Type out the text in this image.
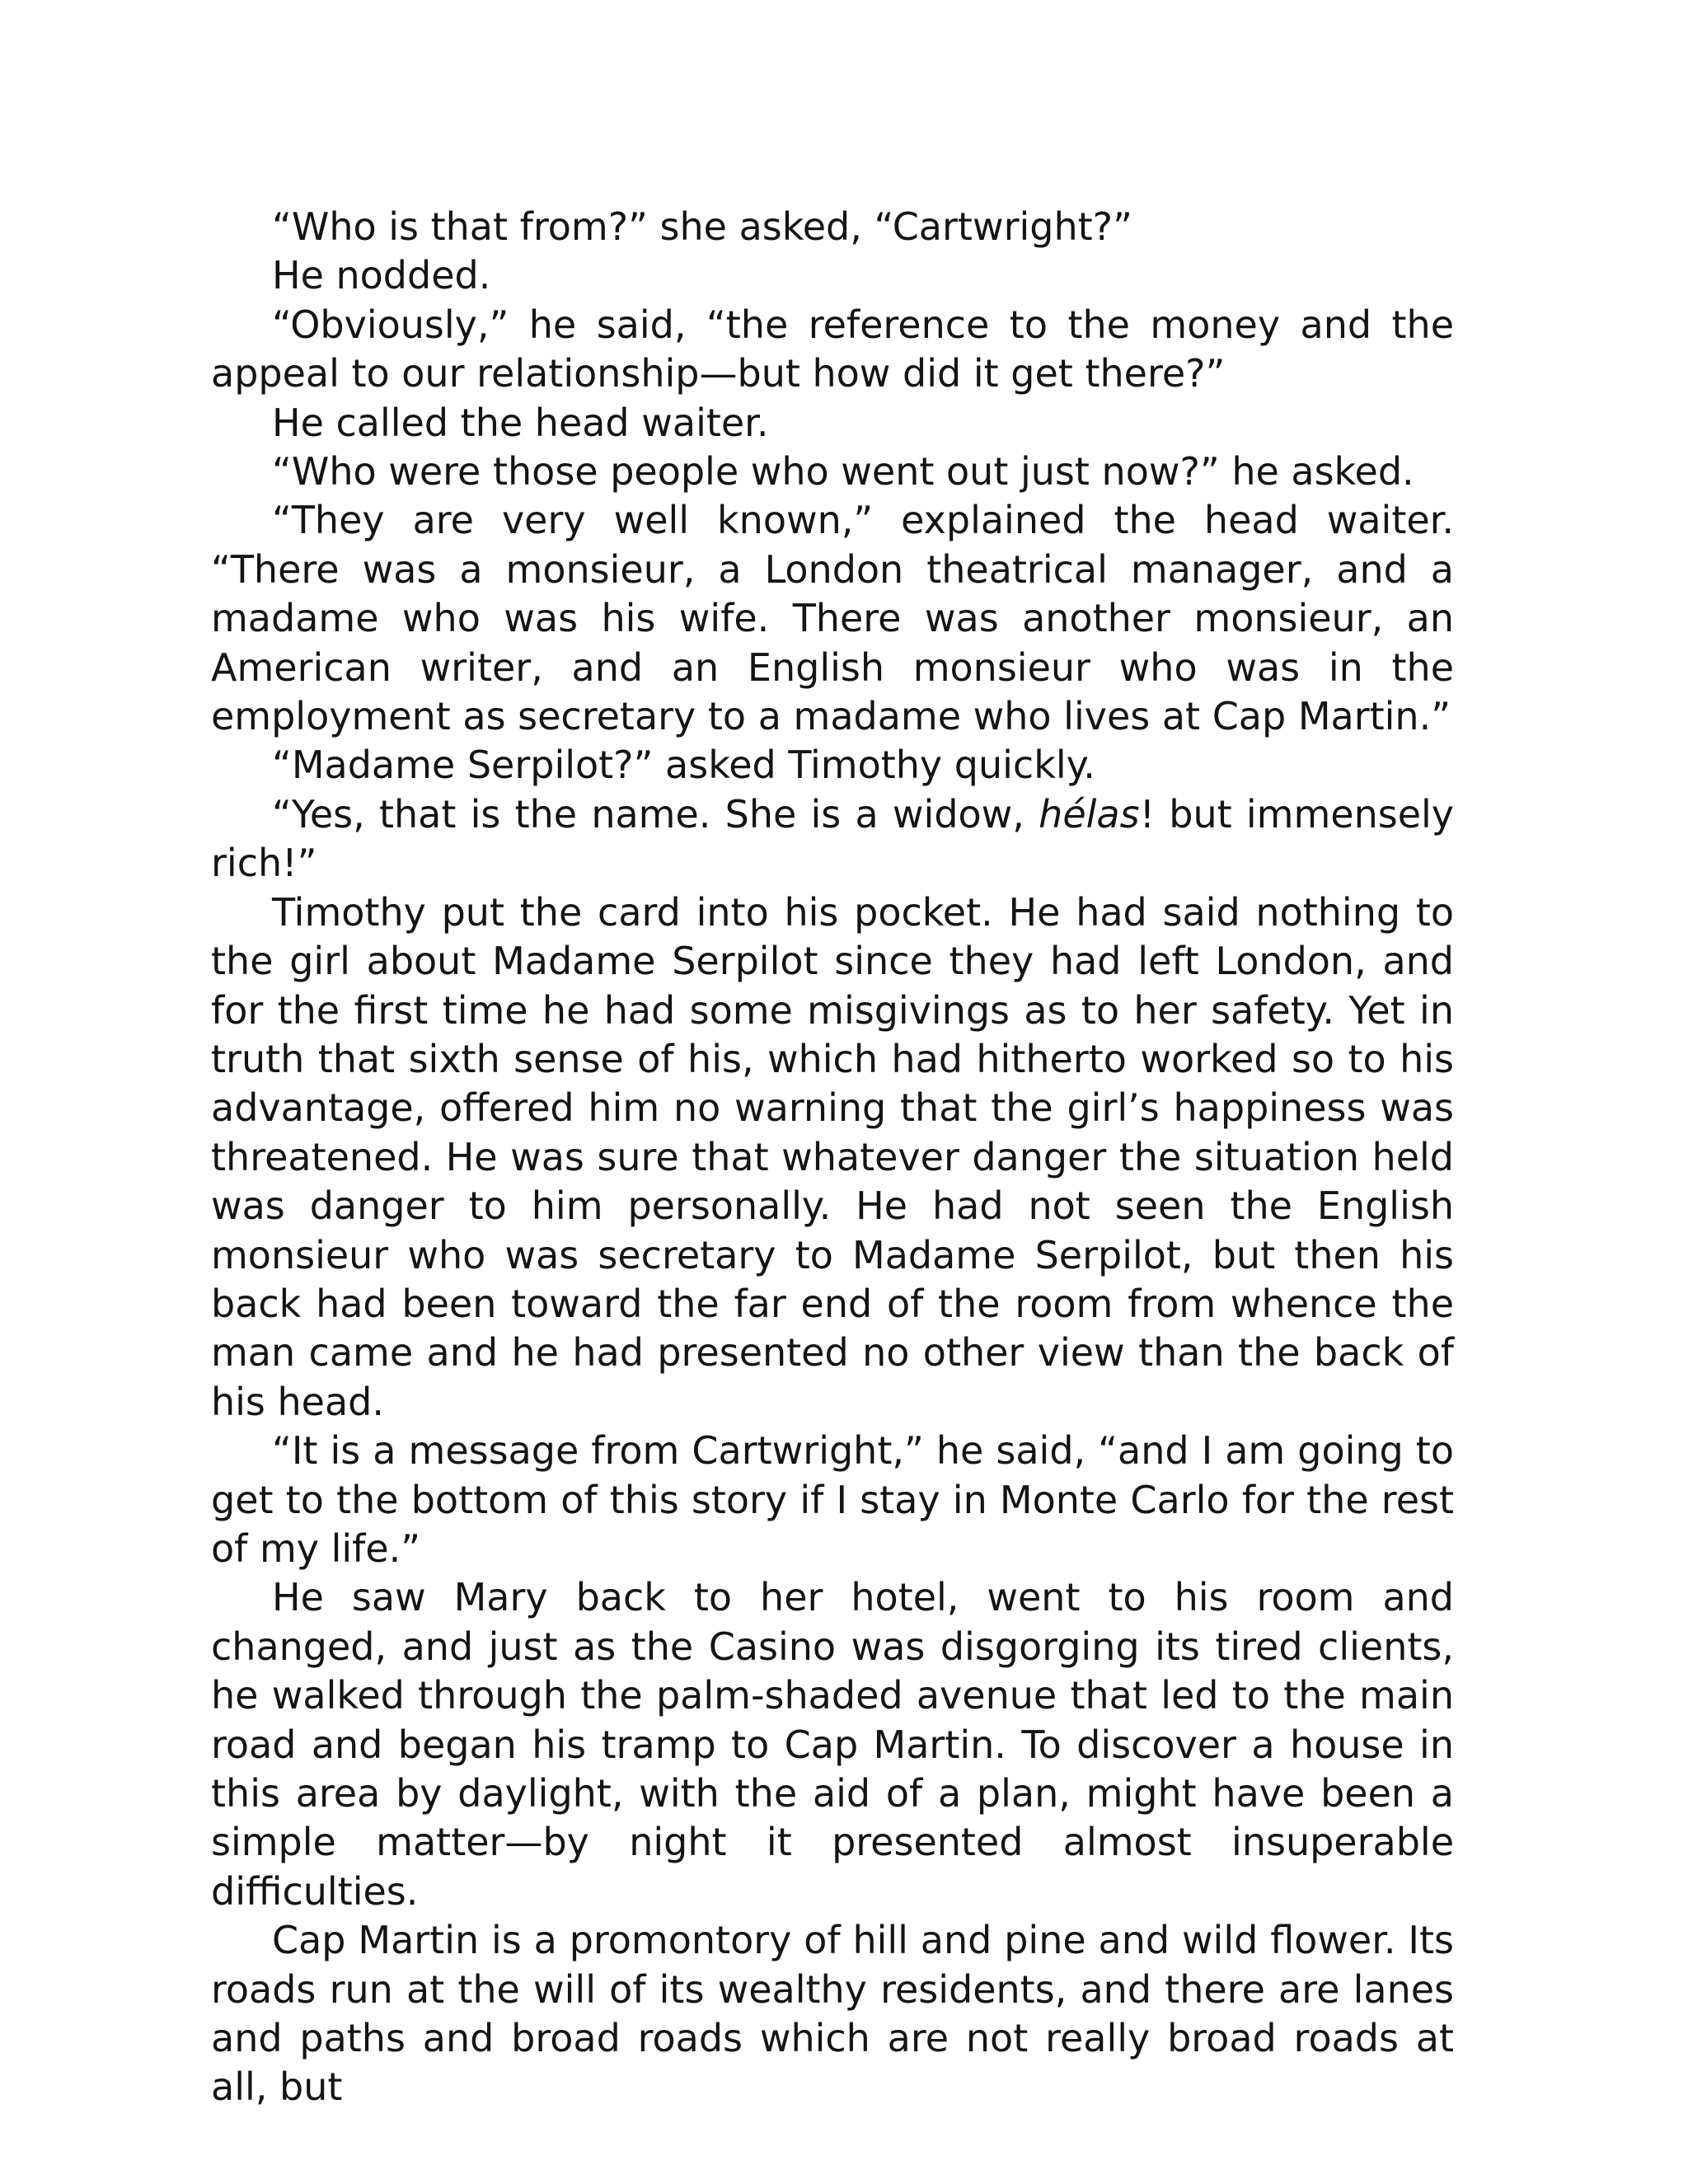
“Who is that from?” she asked, “Cartwright?”

He nodded.

“Obviously,” he said, “the reference to the money and the appeal to our relationship—but how did it get there?”

He called the head waiter.

“Who were those people who went out just now?” he asked.

“They are very well known,” explained the head waiter. “There was a monsieur, a London theatrical manager, and a madame who was his wife. There was another monsieur, an American writer, and an English monsieur who was in the employment as secretary to a madame who lives at Cap Martin.”

“Madame Serpilot?” asked Timothy quickly.

“Yes, that is the name. She is a widow, hélas! but immensely rich!”

Timothy put the card into his pocket. He had said nothing to the girl about Madame Serpilot since they had left London, and for the first time he had some misgivings as to her safety. Yet in truth that sixth sense of his, which had hitherto worked so to his advantage, offered him no warning that the girl’s happiness was threatened. He was sure that whatever danger the situation held was danger to him personally. He had not seen the English monsieur who was secretary to Madame Serpilot, but then his back had been toward the far end of the room from whence the man came and he had presented no other view than the back of his head.

“It is a message from Cartwright,” he said, “and I am going to get to the bottom of this story if I stay in Monte Carlo for the rest of my life.”

He saw Mary back to her hotel, went to his room and changed, and just as the Casino was disgorging its tired clients, he walked through the palm-shaded avenue that led to the main road and began his tramp to Cap Martin. To discover a house in this area by daylight, with the aid of a plan, might have been a simple matter—by night it presented almost insuperable difficulties.

Cap Martin is a promontory of hill and pine and wild flower. Its roads run at the will of its wealthy residents, and there are lanes and paths and broad roads which are not really broad roads at all, but
